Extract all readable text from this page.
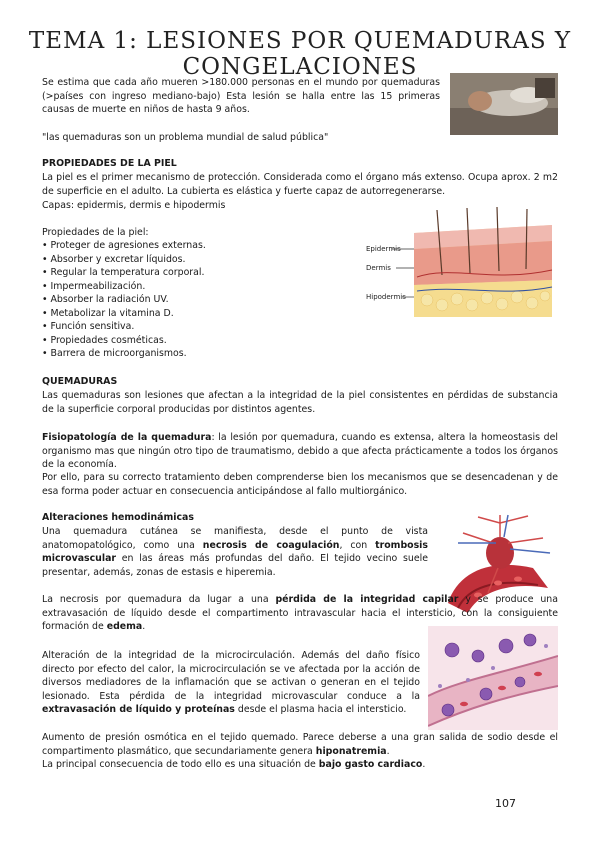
TEMA 1: LESIONES POR QUEMADURAS Y CONGELACIONES

Se estima que cada año mueren >180.000 personas en el mundo por quemaduras (>países con ingreso mediano-bajo) Esta lesión se halla entre las 15 primeras causas de muerte en niños de hasta 9 años.

"las quemaduras son un problema mundial de salud pública"

PROPIEDADES DE LA PIEL

La piel es el primer mecanismo de protección. Considerada como el órgano más extenso. Ocupa aprox. 2 m2 de superficie en el adulto. La cubierta es elástica y fuerte capaz de autorregenerarse.

Capas: epidermis, dermis e hipodermis

Propiedades de la piel:

• Proteger de agresiones externas.
• Absorber y excretar líquidos.
• Regular la temperatura corporal.
• Impermeabilización.
• Absorber la radiación UV.
• Metabolizar la vitamina D.
• Función sensitiva.
• Propiedades cosméticas.
• Barrera de microorganismos.
Epidermis
Dermis
Hipodermis

QUEMADURAS

Las quemaduras son lesiones que afectan a la integridad de la piel consistentes en pérdidas de substancia de la superficie corporal producidas por distintos agentes.

Fisiopatología de la quemadura: la lesión por quemadura, cuando es extensa, altera la homeostasis del organismo mas que ningún otro tipo de traumatismo, debido a que afecta prácticamente a todos los órganos de la economía.

Por ello, para su correcto tratamiento deben comprenderse bien los mecanismos que se desencadenan y de esa forma poder actuar en consecuencia anticipándose al fallo multiorgánico.

Alteraciones hemodinámicas

Una quemadura cutánea se manifiesta, desde el punto de vista anatomopatológico, como una necrosis de coagulación, con trombosis microvascular en las áreas más profundas del daño. El tejido vecino suele presentar, además, zonas de estasis e hiperemia.

La necrosis por quemadura da lugar a una pérdida de la integridad capilar y se produce una extravasación de líquido desde el compartimento intravascular hacia el intersticio, con la consiguiente formación de edema.

Alteración de la integridad de la microcirculación. Además del daño físico directo por efecto del calor, la microcirculación se ve afectada por la acción de diversos mediadores de la inflamación que se activan o generan en el tejido lesionado. Esta pérdida de la integridad microvascular conduce a la extravasación de líquido y proteínas desde el plasma hacia el intersticio.

Aumento de presión osmótica en el tejido quemado. Parece deberse a una gran salida de sodio desde el compartimento plasmático, que secundariamente genera hiponatremia.

La principal consecuencia de todo ello es una situación de bajo gasto cardiaco.

107
